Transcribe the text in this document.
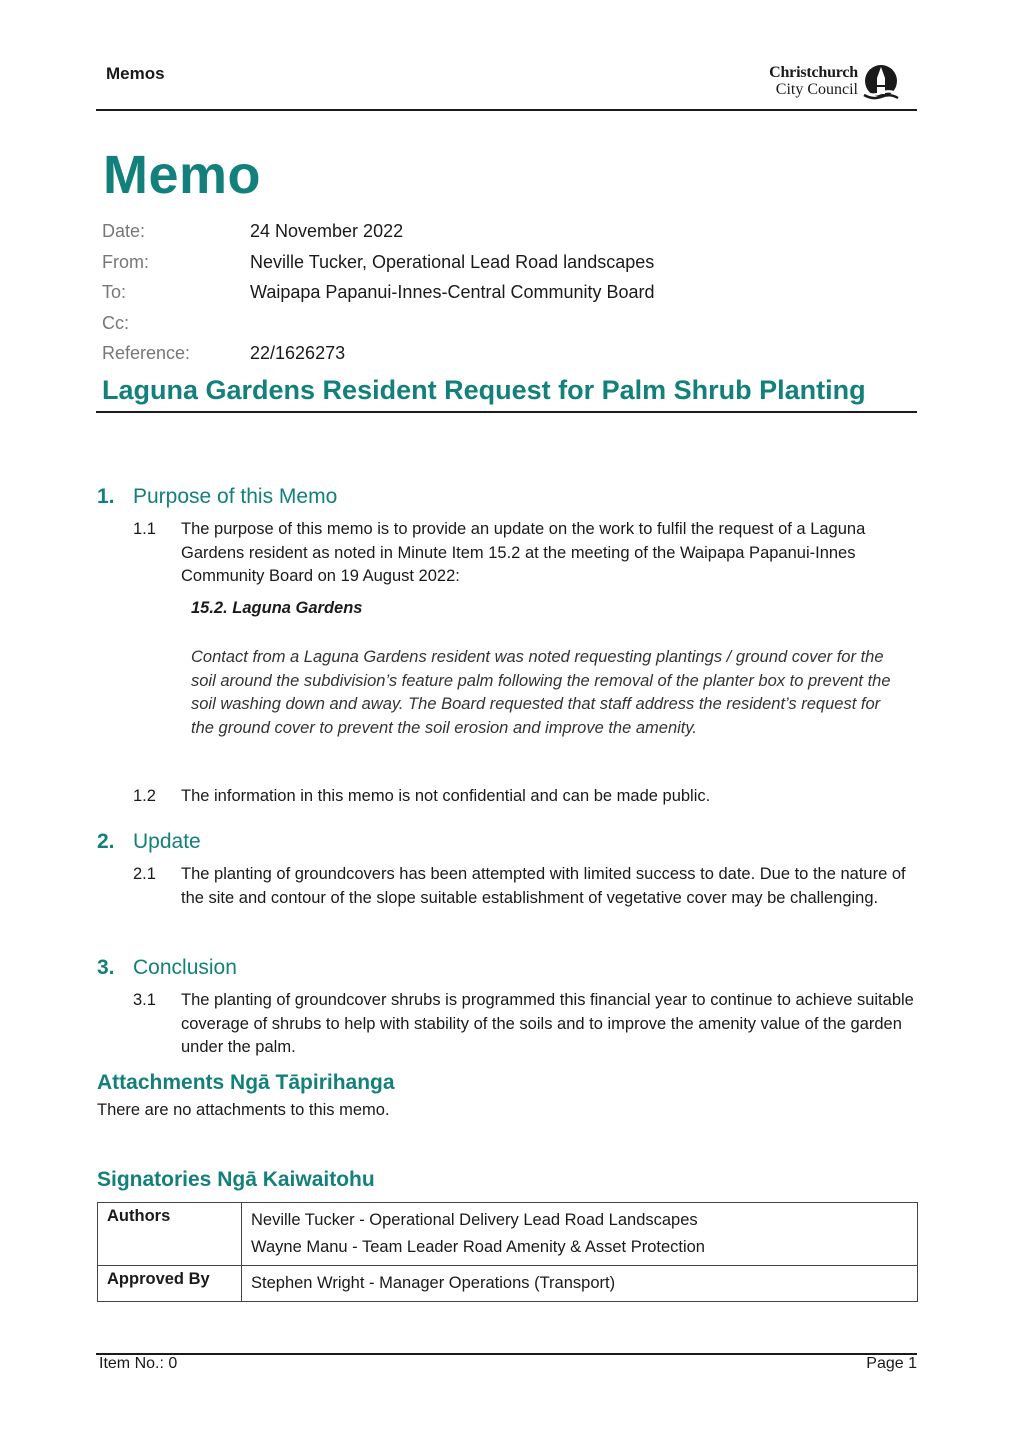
Memos	Christchurch
City Council
Memo
Date:	24 November 2022
From:	Neville Tucker, Operational Lead Road landscapes
To:	Waipapa Papanui-Innes-Central Community Board
Cc:
Reference:	22/1626273
Laguna Gardens Resident Request for Palm Shrub Planting
1. Purpose of this Memo
1.1 The purpose of this memo is to provide an update on the work to fulfil the request of a Laguna Gardens resident as noted in Minute Item 15.2 at the meeting of the Waipapa Papanui-Innes Community Board on 19 August 2022:
15.2. Laguna Gardens
Contact from a Laguna Gardens resident was noted requesting plantings / ground cover for the soil around the subdivision’s feature palm following the removal of the planter box to prevent the soil washing down and away. The Board requested that staff address the resident’s request for the ground cover to prevent the soil erosion and improve the amenity.
1.2 The information in this memo is not confidential and can be made public.
2. Update
2.1 The planting of groundcovers has been attempted with limited success to date. Due to the nature of the site and contour of the slope suitable establishment of vegetative cover may be challenging.
3. Conclusion
3.1 The planting of groundcover shrubs is programmed this financial year to continue to achieve suitable coverage of shrubs to help with stability of the soils and to improve the amenity value of the garden under the palm.
Attachments Ngā Tāpirihanga
There are no attachments to this memo.
Signatories Ngā Kaiwaitohu
Authors	Neville Tucker - Operational Delivery Lead Road Landscapes
Wayne Manu - Team Leader Road Amenity & Asset Protection

Approved By	Stephen Wright - Manager Operations (Transport)
Item No.: 0	Page 1
